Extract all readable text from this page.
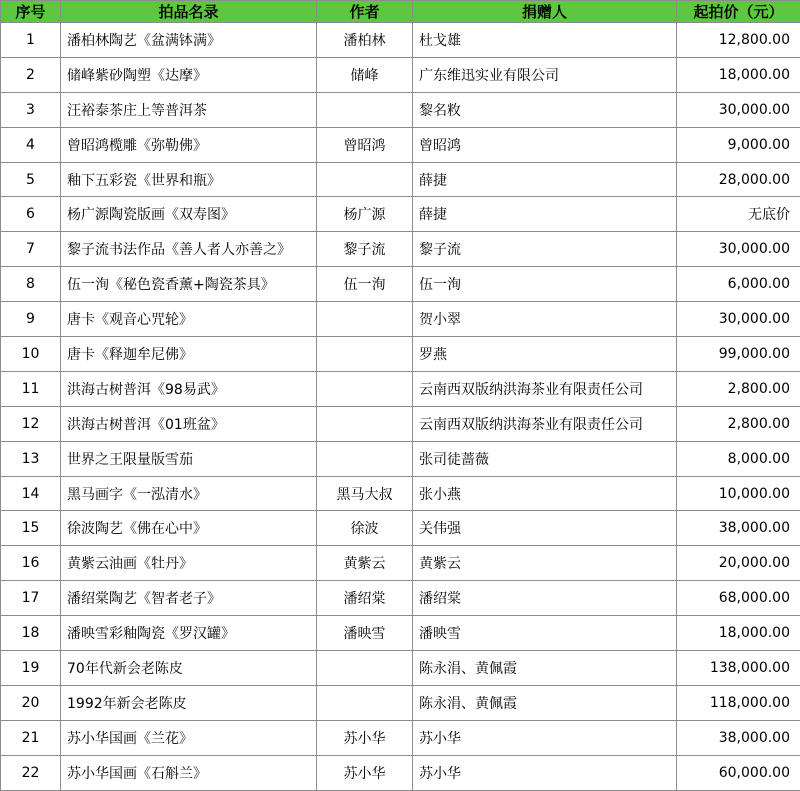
序号	拍品名录	作者	捐赠人	起拍价（元）
1	潘柏林陶艺《盆满钵满》	潘柏林	杜戈雄	12,800.00
2	储峰紫砂陶塑《达摩》	储峰	广东维迅实业有限公司	18,000.00
3	汪裕泰茶庄上等普洱茶		黎名敉	30,000.00
4	曾昭鸿榄雕《弥勒佛》	曾昭鸿	曾昭鸿	9,000.00
5	釉下五彩瓷《世界和瓶》		薛捷	28,000.00
6	杨广源陶瓷版画《双寿图》	杨广源	薛捷	无底价
7	黎子流书法作品《善人者人亦善之》	黎子流	黎子流	30,000.00
8	伍一洵《秘色瓷香薰+陶瓷茶具》	伍一洵	伍一洵	6,000.00
9	唐卡《观音心咒轮》		贺小翠	30,000.00
10	唐卡《释迦牟尼佛》		罗燕	99,000.00
11	洪海古树普洱《98易武》		云南西双版纳洪海茶业有限责任公司	2,800.00
12	洪海古树普洱《01班盆》		云南西双版纳洪海茶业有限责任公司	2,800.00
13	世界之王限量版雪茄		张司徒蔷薇	8,000.00
14	黑马画字《一泓清水》	黑马大叔	张小燕	10,000.00
15	徐波陶艺《佛在心中》	徐波	关伟强	38,000.00
16	黄紫云油画《牡丹》	黄紫云	黄紫云	20,000.00
17	潘绍棠陶艺《智者老子》	潘绍棠	潘绍棠	68,000.00
18	潘映雪彩釉陶瓷《罗汉罐》	潘映雪	潘映雪	18,000.00
19	70年代新会老陈皮		陈永涓、黄佩霞	138,000.00
20	1992年新会老陈皮		陈永涓、黄佩霞	118,000.00
21	苏小华国画《兰花》	苏小华	苏小华	38,000.00
22	苏小华国画《石斛兰》	苏小华	苏小华	60,000.00
